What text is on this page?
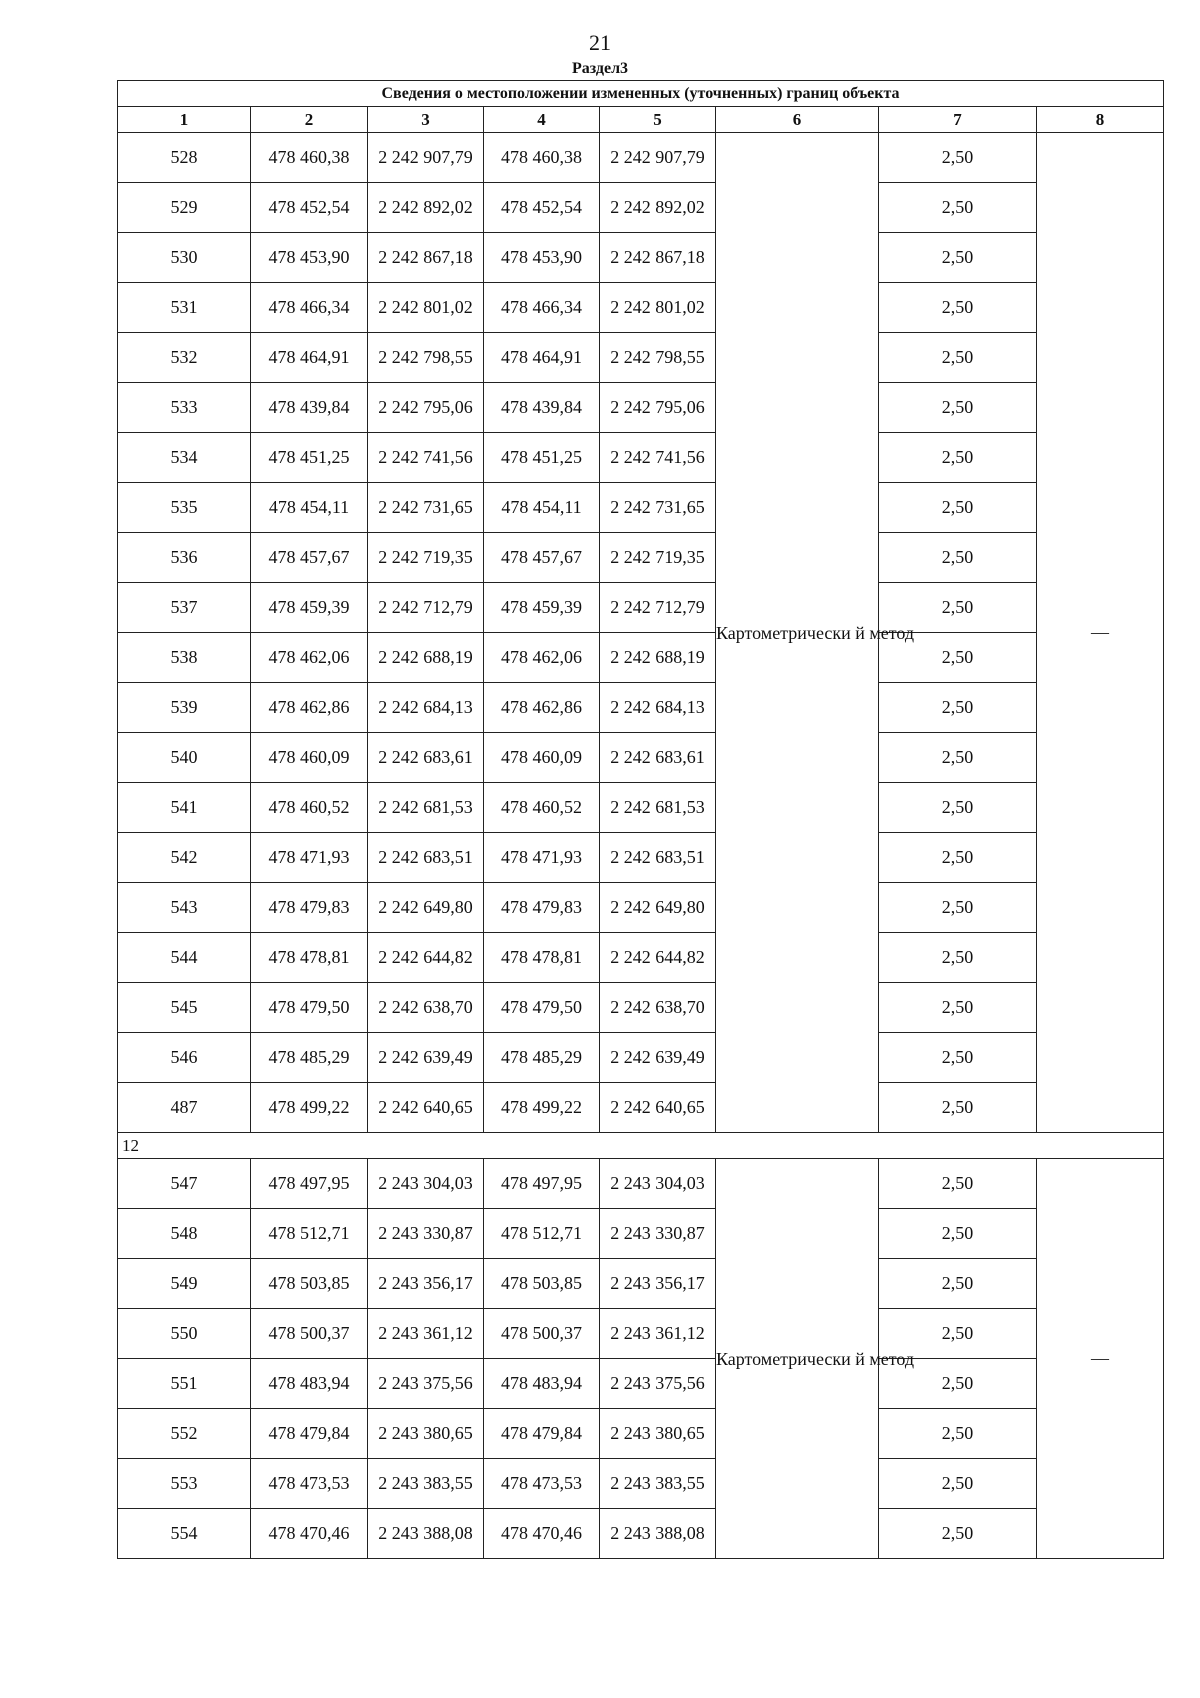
21
Раздел3
Сведения о местоположении измененных (уточненных) границ объекта							
1	2	3	4	5	6	7	8
528	478 460,38	2 242 907,79	478 460,38	2 242 907,79	Картометрически й метод	2,50	—
529	478 452,54	2 242 892,02	478 452,54	2 242 892,02		2,50	
530	478 453,90	2 242 867,18	478 453,90	2 242 867,18		2,50	
531	478 466,34	2 242 801,02	478 466,34	2 242 801,02		2,50	
532	478 464,91	2 242 798,55	478 464,91	2 242 798,55		2,50	
533	478 439,84	2 242 795,06	478 439,84	2 242 795,06		2,50	
534	478 451,25	2 242 741,56	478 451,25	2 242 741,56		2,50	
535	478 454,11	2 242 731,65	478 454,11	2 242 731,65		2,50	
536	478 457,67	2 242 719,35	478 457,67	2 242 719,35		2,50	
537	478 459,39	2 242 712,79	478 459,39	2 242 712,79		2,50	
538	478 462,06	2 242 688,19	478 462,06	2 242 688,19		2,50	
539	478 462,86	2 242 684,13	478 462,86	2 242 684,13		2,50	
540	478 460,09	2 242 683,61	478 460,09	2 242 683,61		2,50	
541	478 460,52	2 242 681,53	478 460,52	2 242 681,53		2,50	
542	478 471,93	2 242 683,51	478 471,93	2 242 683,51		2,50	
543	478 479,83	2 242 649,80	478 479,83	2 242 649,80		2,50	
544	478 478,81	2 242 644,82	478 478,81	2 242 644,82		2,50	
545	478 479,50	2 242 638,70	478 479,50	2 242 638,70		2,50	
546	478 485,29	2 242 639,49	478 485,29	2 242 639,49		2,50	
487	478 499,22	2 242 640,65	478 499,22	2 242 640,65		2,50	
12							
547	478 497,95	2 243 304,03	478 497,95	2 243 304,03	Картометрически й метод	2,50	—
548	478 512,71	2 243 330,87	478 512,71	2 243 330,87		2,50	
549	478 503,85	2 243 356,17	478 503,85	2 243 356,17		2,50	
550	478 500,37	2 243 361,12	478 500,37	2 243 361,12		2,50	
551	478 483,94	2 243 375,56	478 483,94	2 243 375,56		2,50	
552	478 479,84	2 243 380,65	478 479,84	2 243 380,65		2,50	
553	478 473,53	2 243 383,55	478 473,53	2 243 383,55		2,50	
554	478 470,46	2 243 388,08	478 470,46	2 243 388,08		2,50	
